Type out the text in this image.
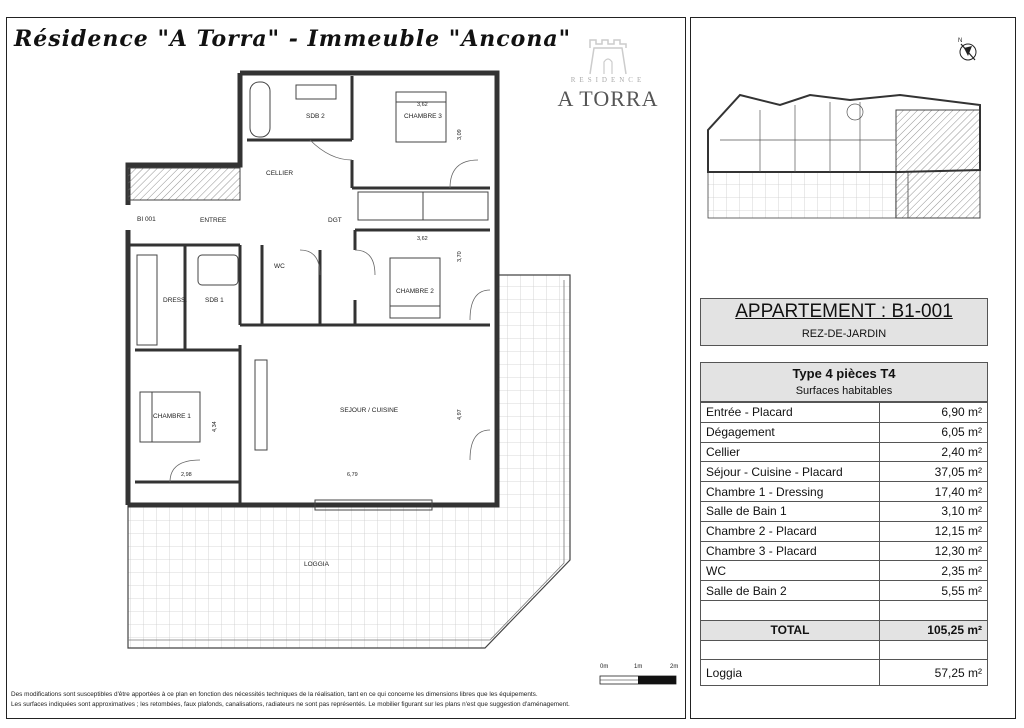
Résidence "A Torra" - Immeuble "Ancona"
RESIDENCE
A TORRA
BI 001
SDB 2	CHAMBRE 3
CELLIER
ENTREE	DGT
WC
CHAMBRE 2
DRESS.	SDB 1
CHAMBRE 1
SEJOUR / CUISINE
LOGGIA
3,62
3,09
3,62
3,70
4,34
2,98	6,79
4,97
0m	1m	2m
N
APPARTEMENT : B1-001
REZ-DE-JARDIN
Type 4 pièces T4
Surfaces habitables
Entrée - Placard	6,90 m²
Dégagement	6,05 m²
Cellier	2,40 m²
Séjour - Cuisine - Placard	37,05 m²
Chambre 1 - Dressing	17,40 m²
Salle de Bain 1	3,10 m²
Chambre 2 - Placard	12,15 m²
Chambre 3 - Placard	12,30 m²
WC	2,35 m²
Salle de Bain 2	5,55 m²

TOTAL	105,25 m²

Loggia	57,25 m²
Des modifications sont susceptibles d'être apportées à ce plan en fonction des nécessités techniques de la réalisation, tant en ce qui concerne les dimensions libres que les équipements.
Les surfaces indiquées sont approximatives ; les retombées, faux plafonds, canalisations, radiateurs ne sont pas représentés. Le mobilier figurant sur les plans n'est que suggestion d'aménagement.
